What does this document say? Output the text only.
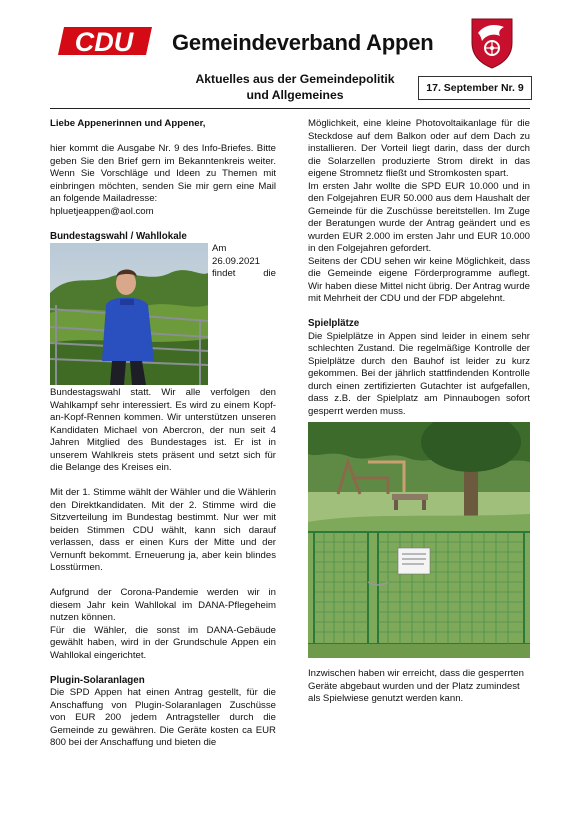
CDU Gemeindeverband Appen
Aktuelles aus der Gemeindepolitik
und Allgemeines	17. September Nr. 9

Liebe Appenerinnen und Appener,

hier kommt die Ausgabe Nr. 9 des Info-Briefes. Bitte geben Sie den Brief gern im Bekanntenkreis weiter. Wenn Sie Vorschläge und Ideen zu Themen mit einbringen möchten, senden Sie mir gern eine Mail an folgende Mailadresse:

hpluetjeappen@aol.com

Bundestagswahl / Wahllokale

Am 26.09.2021 findet die Bundestagswahl statt. Wir alle verfolgen den Wahlkampf sehr interessiert. Es wird zu einem Kopf-an-Kopf-Rennen kommen. Wir unterstützen unseren Kandidaten Michael von Abercron, der nun seit 4 Jahren Mitglied des Bundestages ist. Er ist in unserem Wahlkreis stets präsent und setzt sich für die Belange des Kreises ein.

Mit der 1. Stimme wählt der Wähler und die Wählerin den Direktkandidaten. Mit der 2. Stimme wird die Sitzverteilung im Bundestag bestimmt. Nur wer mit beiden Stimmen CDU wählt, kann sich darauf verlassen, dass er einen Kurs der Mitte und der Vernunft bekommt. Erneuerung ja, aber kein blindes Losstürmen.

Aufgrund der Corona-Pandemie werden wir in diesem Jahr kein Wahllokal im DANA-Pflegeheim nutzen können.

Für die Wähler, die sonst im DANA-Gebäude gewählt haben, wird in der Grundschule Appen ein Wahllokal eingerichtet.

Plugin-Solaranlagen

Die SPD Appen hat einen Antrag gestellt, für die Anschaffung von Plugin-Solaranlagen Zuschüsse von EUR 200 jedem Antragsteller durch die Gemeinde zu gewähren. Die Geräte kosten ca EUR 800 bei der Anschaffung und bieten die

Möglichkeit, eine kleine Photovoltaikanlage für die Steckdose auf dem Balkon oder auf dem Dach zu installieren. Der Vorteil liegt darin, dass der durch die Solarzellen produzierte Strom direkt in das eigene Stromnetz fließt und Stromkosten spart.

Im ersten Jahr wollte die SPD EUR 10.000 und in den Folgejahren EUR 50.000 aus dem Haushalt der Gemeinde für die Zuschüsse bereitstellen. Im Zuge der Beratungen wurde der Antrag geändert und es wurden EUR 2.000 im ersten Jahr und EUR 10.000 in den Folgejahren gefordert.

Seitens der CDU sehen wir keine Möglichkeit, dass die Gemeinde eigene Förderprogramme auflegt. Wir haben diese Mittel nicht übrig. Der Antrag wurde mit Mehrheit der CDU und der FDP abgelehnt.

Spielplätze

Die Spielplätze in Appen sind leider in einem sehr schlechten Zustand. Die regelmäßige Kontrolle der Spielplätze durch den Bauhof ist leider zu kurz gekommen. Bei der jährlich stattfindenden Kontrolle durch einen zertifizierten Gutachter ist aufgefallen, dass z.B. der Spielplatz am Pinnaubogen sofort gesperrt werden muss.

Inzwischen haben wir erreicht, dass die gesperrten Geräte abgebaut wurden und der Platz zumindest als Spielwiese genutzt werden kann.
